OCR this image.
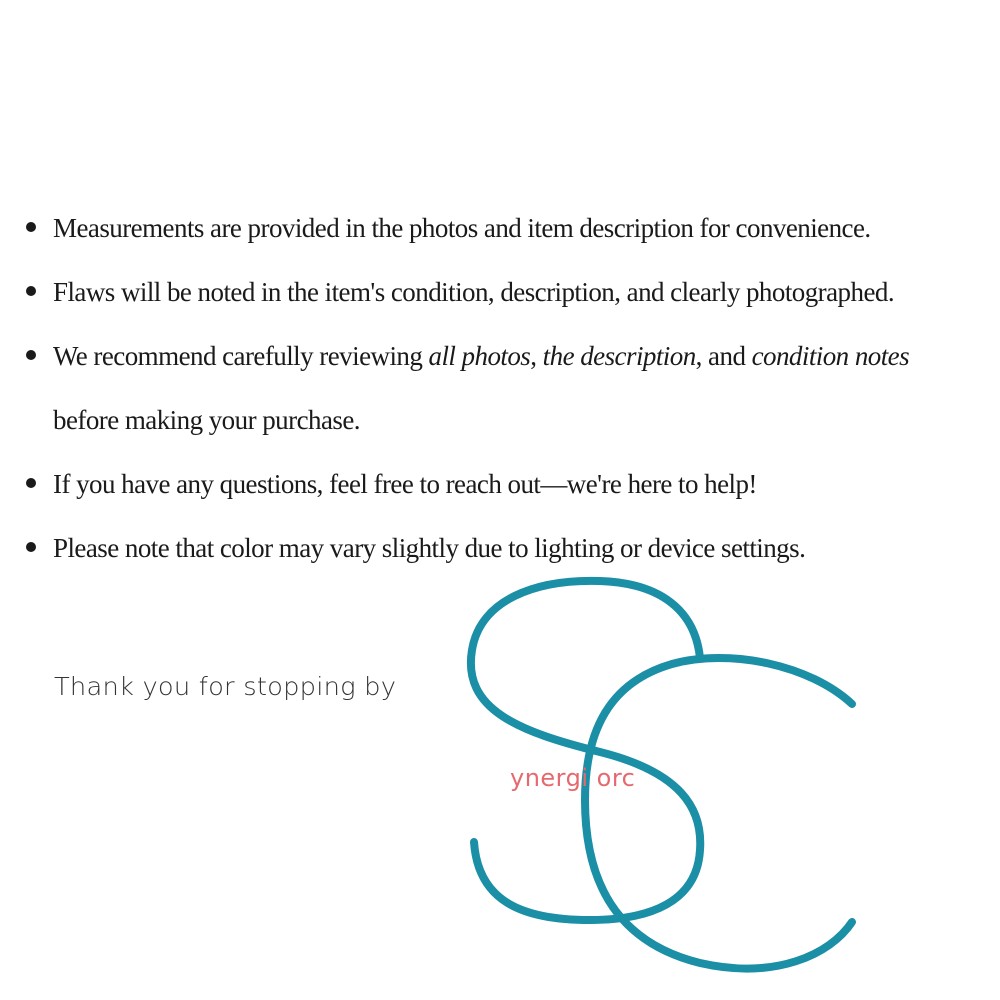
Measurements are provided in the photos and item description for convenience.
Flaws will be noted in the item's condition, description, and clearly photographed.
We recommend carefully reviewing all photos, the description, and condition notes
before making your purchase.
If you have any questions, feel free to reach out—we're here to help!
Please note that color may vary slightly due to lighting or device settings.
Thank you for stopping by
ynergi orc
